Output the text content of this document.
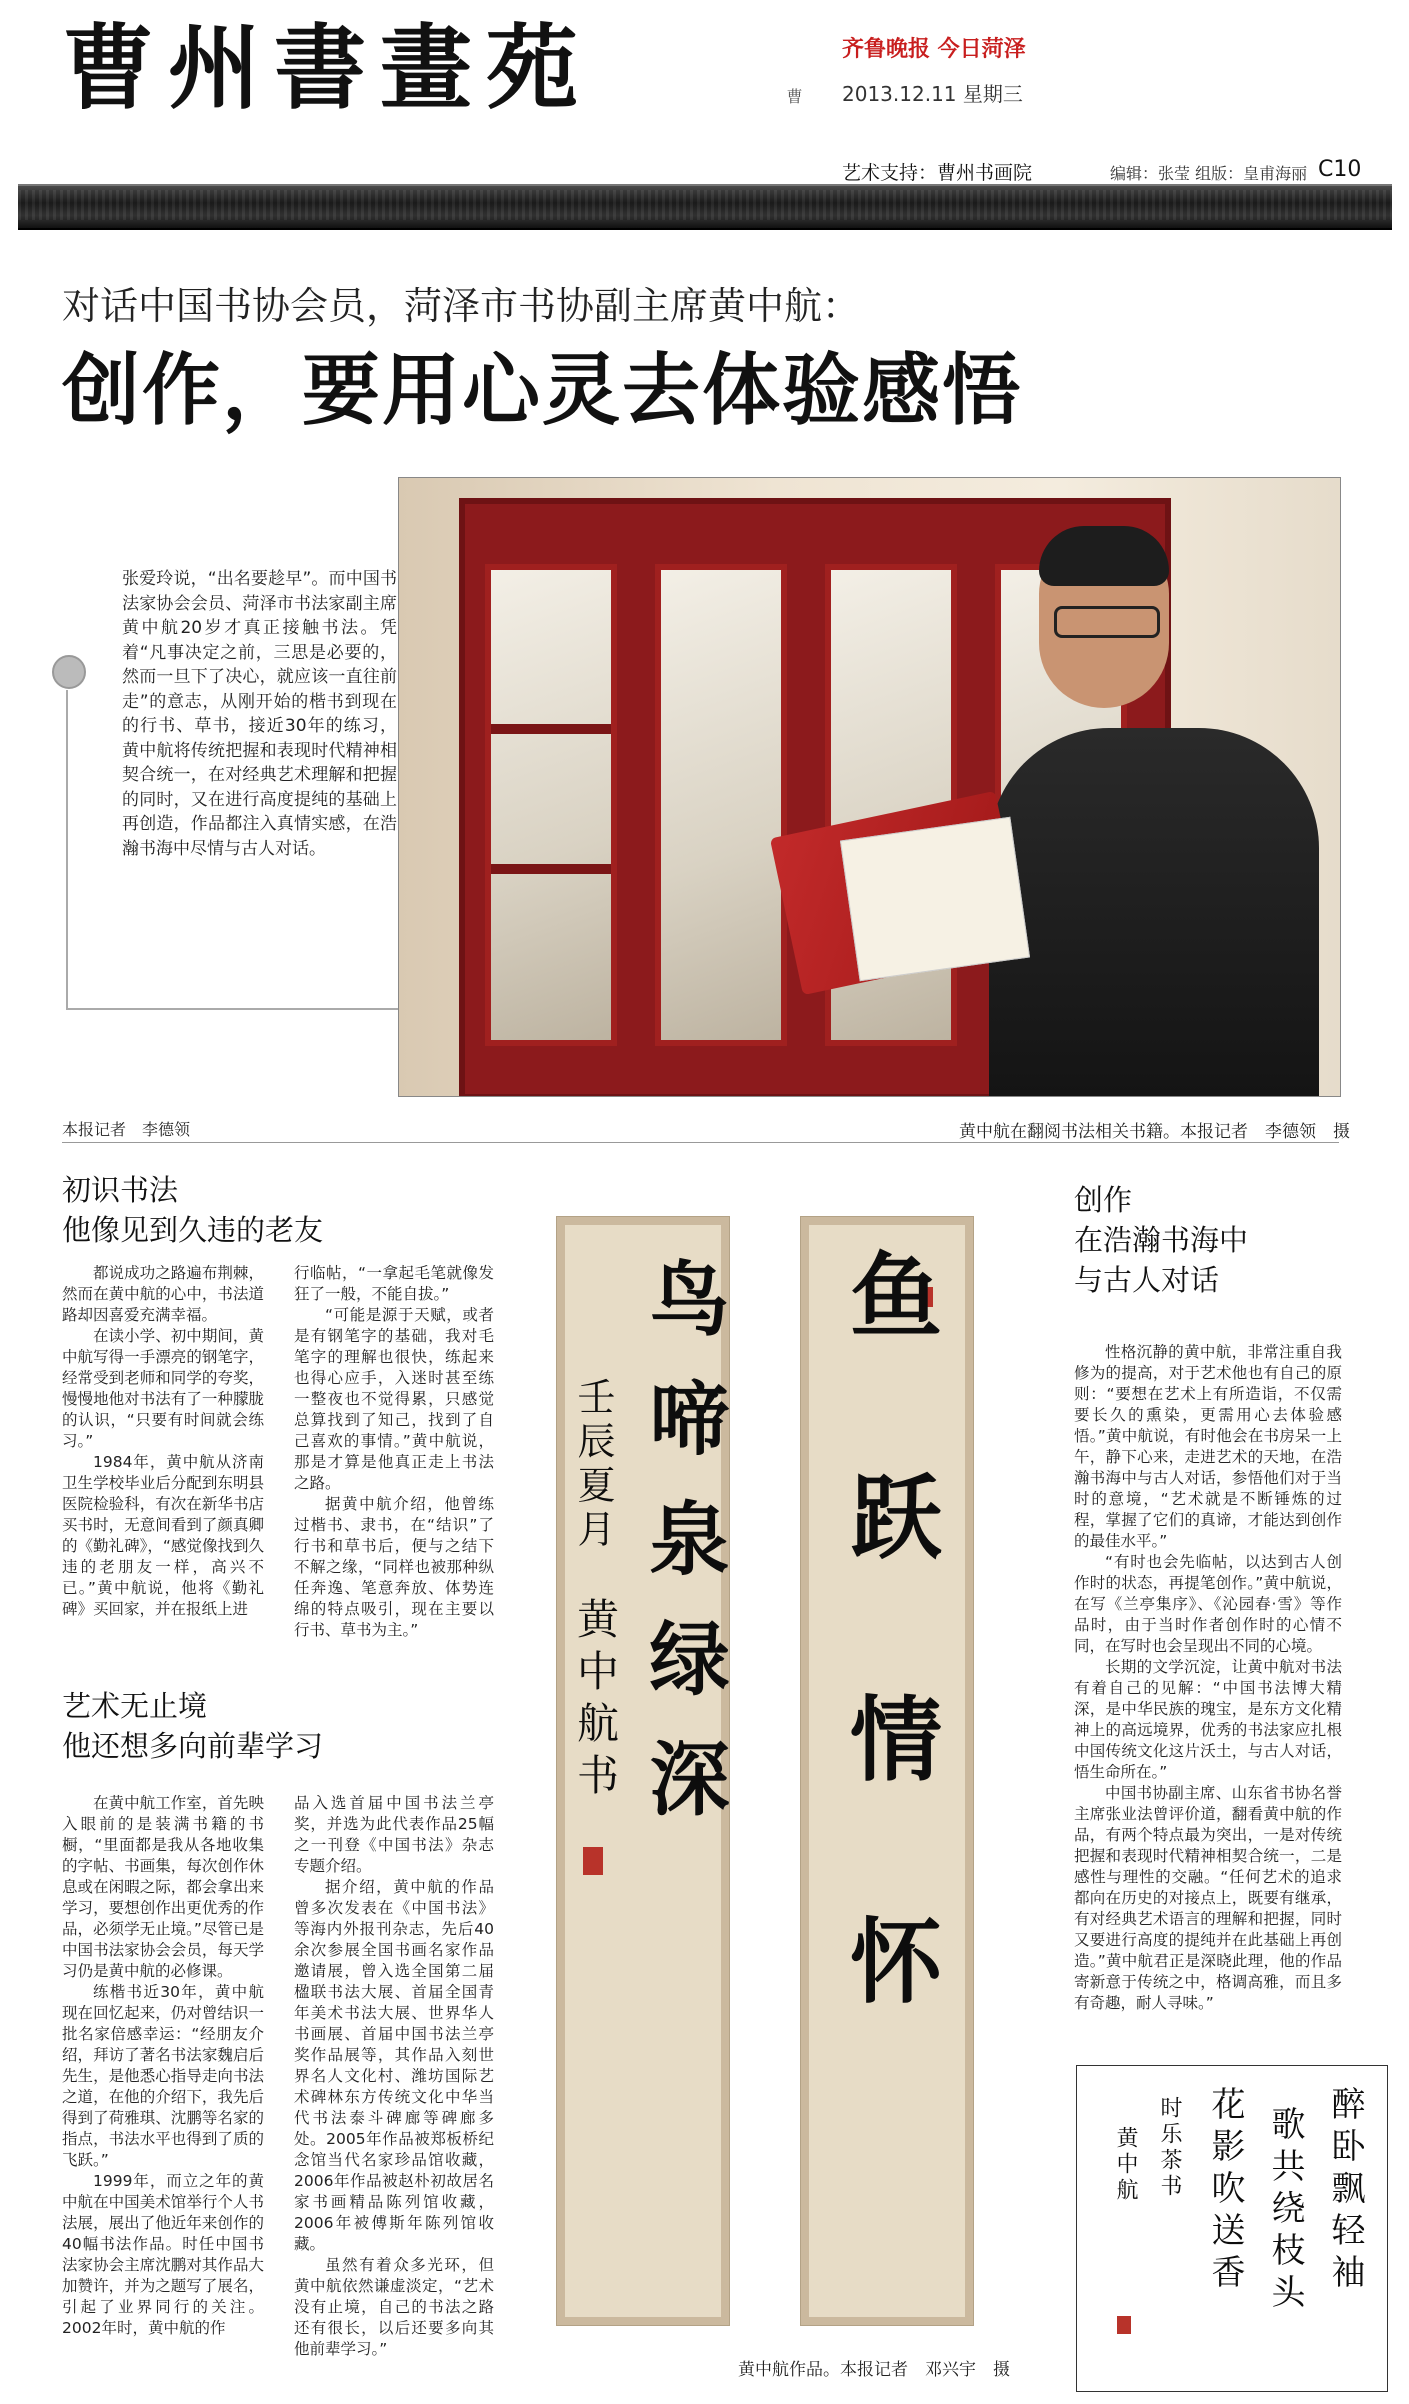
曹州書畫苑	曹
齐鲁晚报 今日菏泽
2013.12.11 星期三
艺术支持：曹州书画院	编辑：张莹 组版：皇甫海丽 C10
对话中国书协会员，菏泽市书协副主席黄中航：
创作，要用心灵去体验感悟
张爱玲说，“出名要趁早”。而中国书法家协会会员、菏泽市书法家副主席黄中航20岁才真正接触书法。凭着“凡事决定之前，三思是必要的，然而一旦下了决心，就应该一直往前走”的意志，从刚开始的楷书到现在的行书、草书，接近30年的练习，黄中航将传统把握和表现时代精神相契合统一，在对经典艺术理解和把握的同时，又在进行高度提纯的基础上再创造，作品都注入真情实感，在浩瀚书海中尽情与古人对话。
本报记者　李德领	黄中航在翻阅书法相关书籍。本报记者　李德领　摄
初识书法
他像见到久违的老友

都说成功之路遍布荆棘，然而在黄中航的心中，书法道路却因喜爱充满幸福。

在读小学、初中期间，黄中航写得一手漂亮的钢笔字，经常受到老师和同学的夸奖，慢慢地他对书法有了一种朦胧的认识，“只要有时间就会练习。”

1984年，黄中航从济南卫生学校毕业后分配到东明县医院检验科，有次在新华书店买书时，无意间看到了颜真卿的《勤礼碑》，“感觉像找到久违的老朋友一样，高兴不已。”黄中航说，他将《勤礼碑》买回家，并在报纸上进

行临帖，“一拿起毛笔就像发狂了一般，不能自拔。”

“可能是源于天赋，或者是有钢笔字的基础，我对毛笔字的理解也很快，练起来也得心应手，入迷时甚至练一整夜也不觉得累，只感觉总算找到了知己，找到了自己喜欢的事情。”黄中航说，那是才算是他真正走上书法之路。

据黄中航介绍，他曾练过楷书、隶书，在“结识”了行书和草书后，便与之结下不解之缘，“同样也被那种纵任奔逸、笔意奔放、体势连绵的特点吸引，现在主要以行书、草书为主。”

艺术无止境
他还想多向前辈学习

在黄中航工作室，首先映入眼前的是装满书籍的书橱，“里面都是我从各地收集的字帖、书画集，每次创作休息或在闲暇之际，都会拿出来学习，要想创作出更优秀的作品，必须学无止境。”尽管已是中国书法家协会会员，每天学习仍是黄中航的必修课。

练楷书近30年，黄中航现在回忆起来，仍对曾结识一批名家倍感幸运：“经朋友介绍，拜访了著名书法家魏启后先生，是他悉心指导走向书法之道，在他的介绍下，我先后得到了荷雅琪、沈鹏等名家的指点，书法水平也得到了质的飞跃。”

1999年，而立之年的黄中航在中国美术馆举行个人书法展，展出了他近年来创作的40幅书法作品。时任中国书法家协会主席沈鹏对其作品大加赞许，并为之题写了展名，引起了业界同行的关注。2002年时，黄中航的作

品入选首届中国书法兰亭奖，并选为此代表作品25幅之一刊登《中国书法》杂志专题介绍。

据介绍，黄中航的作品曾多次发表在《中国书法》等海内外报刊杂志，先后40余次参展全国书画名家作品邀请展，曾入选全国第二届楹联书法大展、首届全国青年美术书法大展、世界华人书画展、首届中国书法兰亭奖作品展等，其作品入刻世界名人文化村、潍坊国际艺术碑林东方传统文化中华当代书法泰斗碑廊等碑廊多处。2005年作品被郑板桥纪念馆当代名家珍品馆收藏，2006年作品被赵朴初故居名家书画精品陈列馆收藏，2006年被傅斯年陈列馆收藏。

虽然有着众多光环，但黄中航依然谦虚淡定，“艺术没有止境，自己的书法之路还有很长，以后还要多向其他前辈学习。”

鸟啼泉绿深
壬辰夏月
黄中航书 鱼跃情怀
黄中航作品。本报记者　邓兴宇　摄
创作
在浩瀚书海中
与古人对话

性格沉静的黄中航，非常注重自我修为的提高，对于艺术他也有自己的原则：“要想在艺术上有所造诣，不仅需要长久的熏染，更需用心去体验感悟。”黄中航说，有时他会在书房呆一上午，静下心来，走进艺术的天地，在浩瀚书海中与古人对话，参悟他们对于当时的意境，“艺术就是不断锤炼的过程，掌握了它们的真谛，才能达到创作的最佳水平。”

“有时也会先临帖，以达到古人创作时的状态，再提笔创作。”黄中航说，在写《兰亭集序》、《沁园春·雪》等作品时，由于当时作者创作时的心情不同，在写时也会呈现出不同的心境。

长期的文学沉淀，让黄中航对书法有着自己的见解：“中国书法博大精深，是中华民族的瑰宝，是东方文化精神上的高远境界，优秀的书法家应扎根中国传统文化这片沃土，与古人对话，悟生命所在。”

中国书协副主席、山东省书协名誉主席张业法曾评价道，翻看黄中航的作品，有两个特点最为突出，一是对传统把握和表现时代精神相契合统一，二是感性与理性的交融。“任何艺术的追求都向在历史的对接点上，既要有继承，有对经典艺术语言的理解和把握，同时又要进行高度的提纯并在此基础上再创造。”黄中航君正是深晓此理，他的作品寄新意于传统之中，格调高雅，而且多有奇趣，耐人寻味。”

醉卧飘轻袖
歌共绕枝头
花影吹送香
时乐茶书
黄中航
